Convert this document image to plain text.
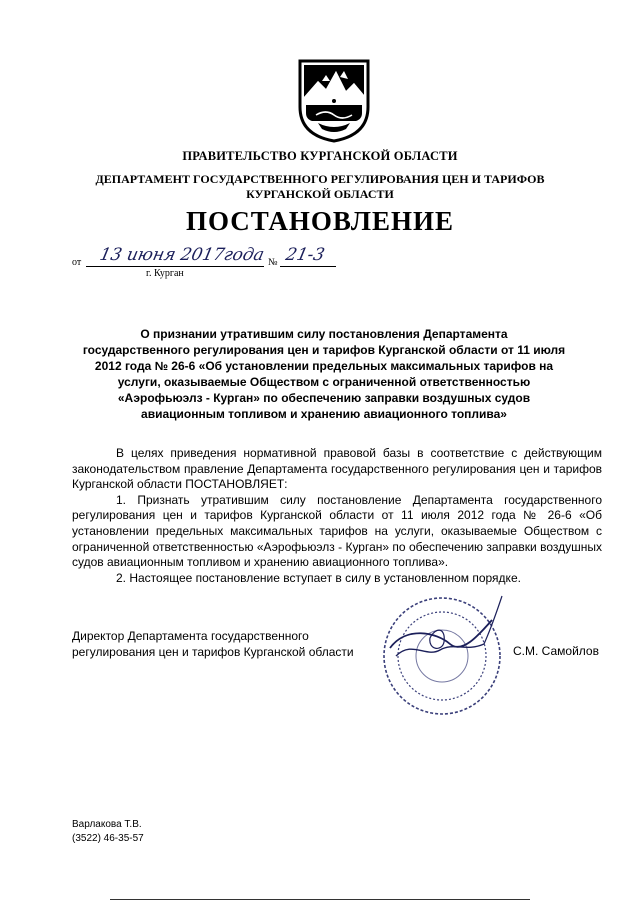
ПРАВИТЕЛЬСТВО КУРГАНСКОЙ ОБЛАСТИ
ДЕПАРТАМЕНТ ГОСУДАРСТВЕННОГО РЕГУЛИРОВАНИЯ ЦЕН И ТАРИФОВ
КУРГАНСКОЙ ОБЛАСТИ
ПОСТАНОВЛЕНИЕ
от 13 июня 2017года № 21-3
г. Курган
О признании утратившим силу постановления Департамента
государственного регулирования цен и тарифов Курганской области от 11 июля
2012 года № 26-6 «Об установлении предельных максимальных тарифов на
услуги, оказываемые Обществом с ограниченной ответственностью
«Аэрофьюэлз - Курган» по обеспечению заправки воздушных судов
авиационным топливом и хранению авиационного топлива»

В целях приведения нормативной правовой базы в соответствие с действующим законодательством правление Департамента государственного регулирования цен и тарифов Курганской области ПОСТАНОВЛЯЕТ:

1. Признать утратившим силу постановление Департамента государственного регулирования цен и тарифов Курганской области от 11 июля 2012 года № 26-6 «Об установлении предельных максимальных тарифов на услуги, оказываемые Обществом с ограниченной ответственностью «Аэрофьюэлз - Курган» по обеспечению заправки воздушных судов авиационным топливом и хранению авиационного топлива».

2. Настоящее постановление вступает в силу в установленном порядке.

Директор Департамента государственного
регулирования цен и тарифов Курганской области	С.М. Самойлов
Варлакова Т.В.
(3522) 46-35-57
